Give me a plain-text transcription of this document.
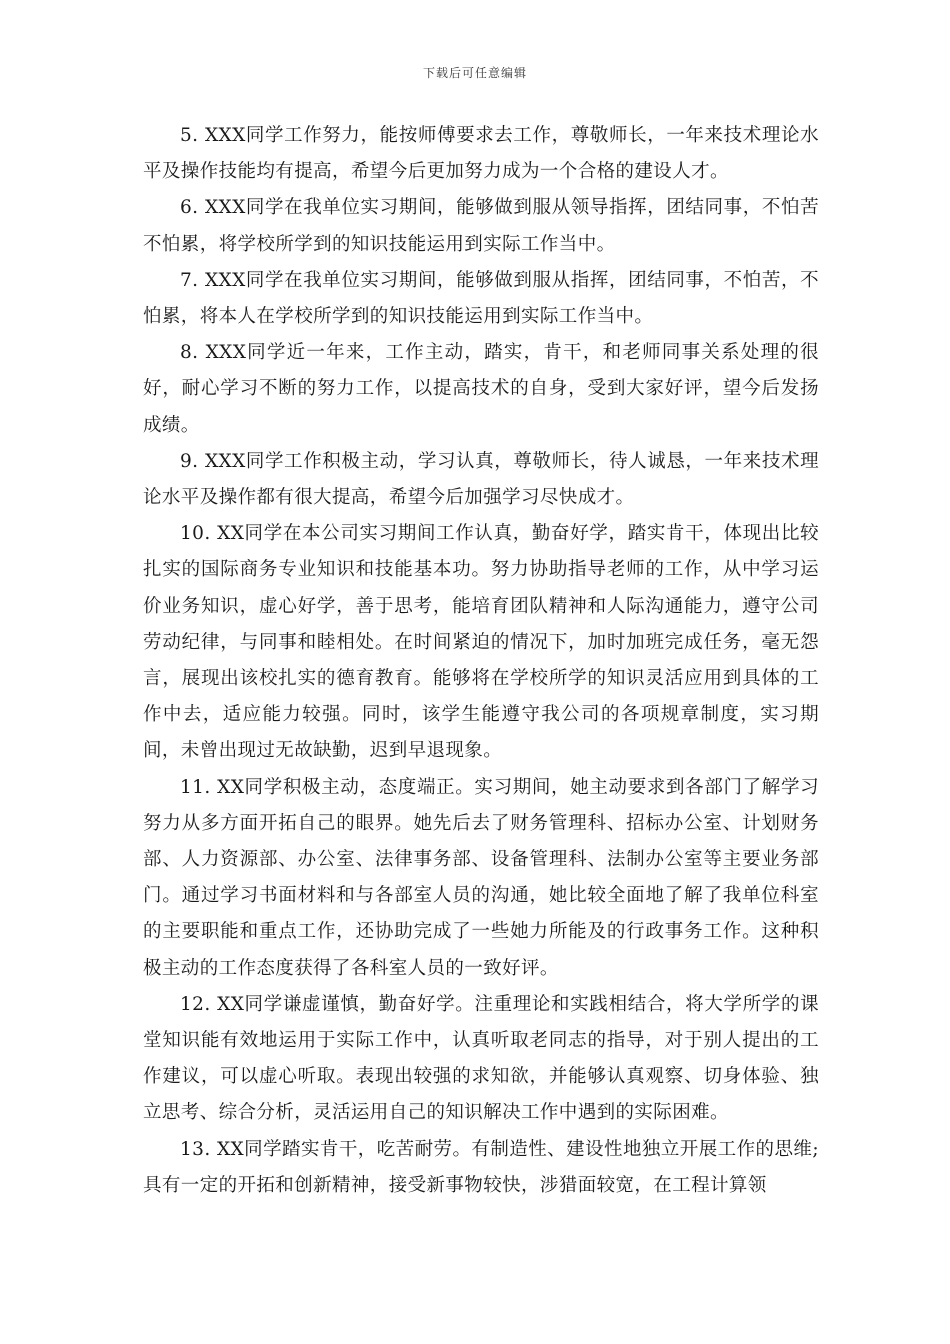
下载后可任意编辑

5. XXX同学工作努力，能按师傅要求去工作，尊敬师长，一年来技术理论水平及操作技能均有提高，希望今后更加努力成为一个合格的建设人才。

6. XXX同学在我单位实习期间，能够做到服从领导指挥，团结同事，不怕苦不怕累，将学校所学到的知识技能运用到实际工作当中。

7. XXX同学在我单位实习期间，能够做到服从指挥，团结同事，不怕苦，不怕累，将本人在学校所学到的知识技能运用到实际工作当中。

8. XXX同学近一年来，工作主动，踏实，肯干，和老师同事关系处理的很好，耐心学习不断的努力工作，以提高技术的自身，受到大家好评，望今后发扬成绩。

9. XXX同学工作积极主动，学习认真，尊敬师长，待人诚恳，一年来技术理论水平及操作都有很大提高，希望今后加强学习尽快成才。

10. XX同学在本公司实习期间工作认真，勤奋好学，踏实肯干，体现出比较扎实的国际商务专业知识和技能基本功。努力协助指导老师的工作，从中学习运价业务知识，虚心好学，善于思考，能培育团队精神和人际沟通能力，遵守公司劳动纪律，与同事和睦相处。在时间紧迫的情况下，加时加班完成任务，毫无怨言，展现出该校扎实的德育教育。能够将在学校所学的知识灵活应用到具体的工作中去，适应能力较强。同时，该学生能遵守我公司的各项规章制度，实习期间，未曾出现过无故缺勤，迟到早退现象。

11. XX同学积极主动，态度端正。实习期间，她主动要求到各部门了解学习努力从多方面开拓自己的眼界。她先后去了财务管理科、招标办公室、计划财务部、人力资源部、办公室、法律事务部、设备管理科、法制办公室等主要业务部门。通过学习书面材料和与各部室人员的沟通，她比较全面地了解了我单位科室的主要职能和重点工作，还协助完成了一些她力所能及的行政事务工作。这种积极主动的工作态度获得了各科室人员的一致好评。

12. XX同学谦虚谨慎，勤奋好学。注重理论和实践相结合，将大学所学的课堂知识能有效地运用于实际工作中，认真听取老同志的指导，对于别人提出的工作建议，可以虚心听取。表现出较强的求知欲，并能够认真观察、切身体验、独立思考、综合分析，灵活运用自己的知识解决工作中遇到的实际困难。

13. XX同学踏实肯干，吃苦耐劳。有制造性、建设性地独立开展工作的思维;具有一定的开拓和创新精神，接受新事物较快，涉猎面较宽，在工程计算领
